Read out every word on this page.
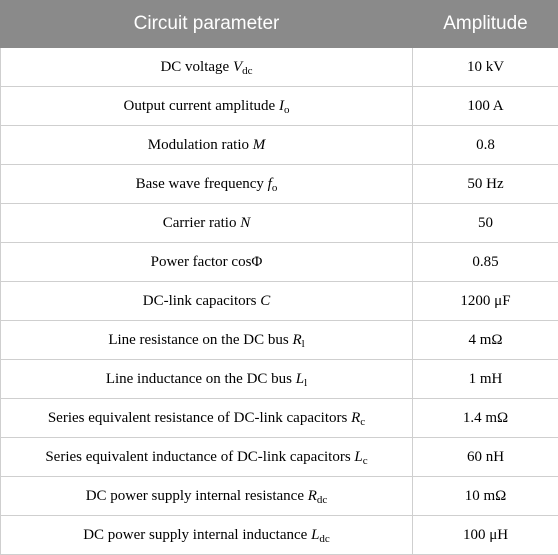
Circuit parameter	Amplitude
DC voltage $V_{dc}$	10 kV
Output current amplitude $I_o$	100 A
Modulation ratio M	0.8
Base wave frequency $f_o$	50 Hz
Carrier ratio N	50
Power factor cosΦ	0.85
DC-link capacitors C	1200 μF
Line resistance on the DC bus $R_l$	4 mΩ
Line inductance on the DC bus $L_l$	1 mH
Series equivalent resistance of DC-link capacitors $R_c$	1.4 mΩ
Series equivalent inductance of DC-link capacitors $L_c$	60 nH
DC power supply internal resistance $R_{dc}$	10 mΩ
DC power supply internal inductance $L_{dc}$	100 μH
